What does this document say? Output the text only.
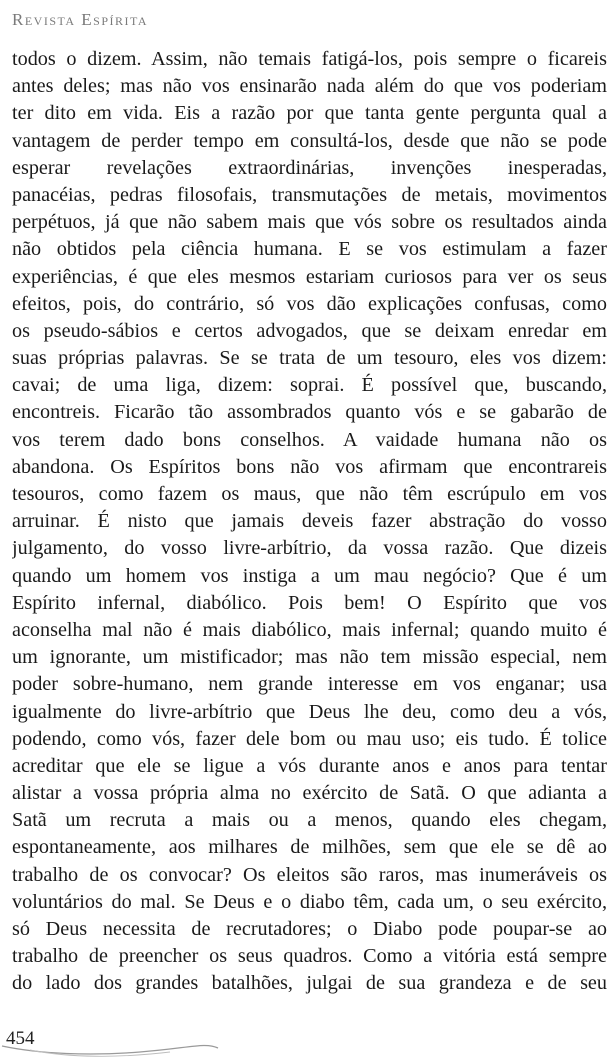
Revista Espírita
todos o dizem. Assim, não temais fatigá-los, pois sempre o ficareis
antes deles; mas não vos ensinarão nada além do que vos poderiam
ter dito em vida. Eis a razão por que tanta gente pergunta qual a
vantagem de perder tempo em consultá-los, desde que não se pode
esperar revelações extraordinárias, invenções inesperadas,
panacéias, pedras filosofais, transmutações de metais, movimentos
perpétuos, já que não sabem mais que vós sobre os resultados ainda
não obtidos pela ciência humana. E se vos estimulam a fazer
experiências, é que eles mesmos estariam curiosos para ver os seus
efeitos, pois, do contrário, só vos dão explicações confusas, como
os pseudo-sábios e certos advogados, que se deixam enredar em
suas próprias palavras. Se se trata de um tesouro, eles vos dizem:
cavai; de uma liga, dizem: soprai. É possível que, buscando,
encontreis. Ficarão tão assombrados quanto vós e se gabarão de
vos terem dado bons conselhos. A vaidade humana não os
abandona. Os Espíritos bons não vos afirmam que encontrareis
tesouros, como fazem os maus, que não têm escrúpulo em vos
arruinar. É nisto que jamais deveis fazer abstração do vosso
julgamento, do vosso livre-arbítrio, da vossa razão. Que dizeis
quando um homem vos instiga a um mau negócio? Que é um
Espírito infernal, diabólico. Pois bem! O Espírito que vos
aconselha mal não é mais diabólico, mais infernal; quando muito é
um ignorante, um mistificador; mas não tem missão especial, nem
poder sobre-humano, nem grande interesse em vos enganar; usa
igualmente do livre-arbítrio que Deus lhe deu, como deu a vós,
podendo, como vós, fazer dele bom ou mau uso; eis tudo. É tolice
acreditar que ele se ligue a vós durante anos e anos para tentar
alistar a vossa própria alma no exército de Satã. O que adianta a
Satã um recruta a mais ou a menos, quando eles chegam,
espontaneamente, aos milhares de milhões, sem que ele se dê ao
trabalho de os convocar? Os eleitos são raros, mas inumeráveis os
voluntários do mal. Se Deus e o diabo têm, cada um, o seu exército,
só Deus necessita de recrutadores; o Diabo pode poupar-se ao
trabalho de preencher os seus quadros. Como a vitória está sempre
do lado dos grandes batalhões, julgai de sua grandeza e de seu
454
